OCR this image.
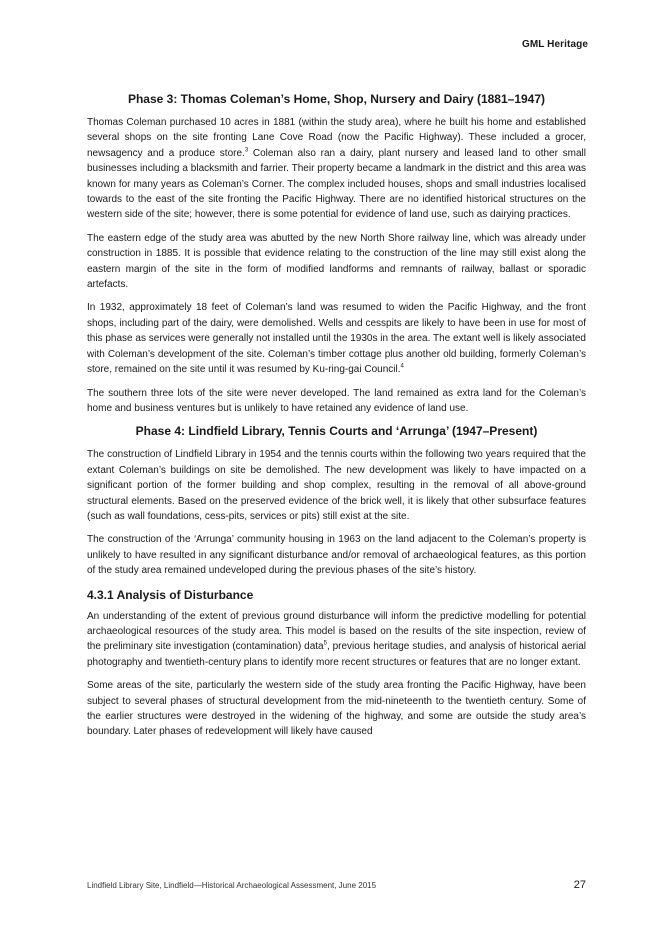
GML Heritage
Phase 3: Thomas Coleman’s Home, Shop, Nursery and Dairy (1881–1947)

Thomas Coleman purchased 10 acres in 1881 (within the study area), where he built his home and established several shops on the site fronting Lane Cove Road (now the Pacific Highway). These included a grocer, newsagency and a produce store.$^3$ Coleman also ran a dairy, plant nursery and leased land to other small businesses including a blacksmith and farrier. Their property became a landmark in the district and this area was known for many years as Coleman’s Corner. The complex included houses, shops and small industries localised towards to the east of the site fronting the Pacific Highway. There are no identified historical structures on the western side of the site; however, there is some potential for evidence of land use, such as dairying practices.

The eastern edge of the study area was abutted by the new North Shore railway line, which was already under construction in 1885. It is possible that evidence relating to the construction of the line may still exist along the eastern margin of the site in the form of modified landforms and remnants of railway, ballast or sporadic artefacts.

In 1932, approximately 18 feet of Coleman’s land was resumed to widen the Pacific Highway, and the front shops, including part of the dairy, were demolished. Wells and cesspits are likely to have been in use for most of this phase as services were generally not installed until the 1930s in the area. The extant well is likely associated with Coleman’s development of the site. Coleman’s timber cottage plus another old building, formerly Coleman’s store, remained on the site until it was resumed by Ku-ring-gai Council.$^4$

The southern three lots of the site were never developed. The land remained as extra land for the Coleman’s home and business ventures but is unlikely to have retained any evidence of land use.

Phase 4: Lindfield Library, Tennis Courts and ‘Arrunga’ (1947–Present)

The construction of Lindfield Library in 1954 and the tennis courts within the following two years required that the extant Coleman’s buildings on site be demolished. The new development was likely to have impacted on a significant portion of the former building and shop complex, resulting in the removal of all above-ground structural elements. Based on the preserved evidence of the brick well, it is likely that other subsurface features (such as wall foundations, cess-pits, services or pits) still exist at the site.

The construction of the ‘Arrunga’ community housing in 1963 on the land adjacent to the Coleman’s property is unlikely to have resulted in any significant disturbance and/or removal of archaeological features, as this portion of the study area remained undeveloped during the previous phases of the site’s history.

4.3.1 Analysis of Disturbance

An understanding of the extent of previous ground disturbance will inform the predictive modelling for potential archaeological resources of the study area. This model is based on the results of the site inspection, review of the preliminary site investigation (contamination) data$^5$, previous heritage studies, and analysis of historical aerial photography and twentieth-century plans to identify more recent structures or features that are no longer extant.

Some areas of the site, particularly the western side of the study area fronting the Pacific Highway, have been subject to several phases of structural development from the mid-nineteenth to the twentieth century. Some of the earlier structures were destroyed in the widening of the highway, and some are outside the study area’s boundary. Later phases of redevelopment will likely have caused

Lindfield Library Site, Lindfield—Historical Archaeological Assessment, June 2015	27
